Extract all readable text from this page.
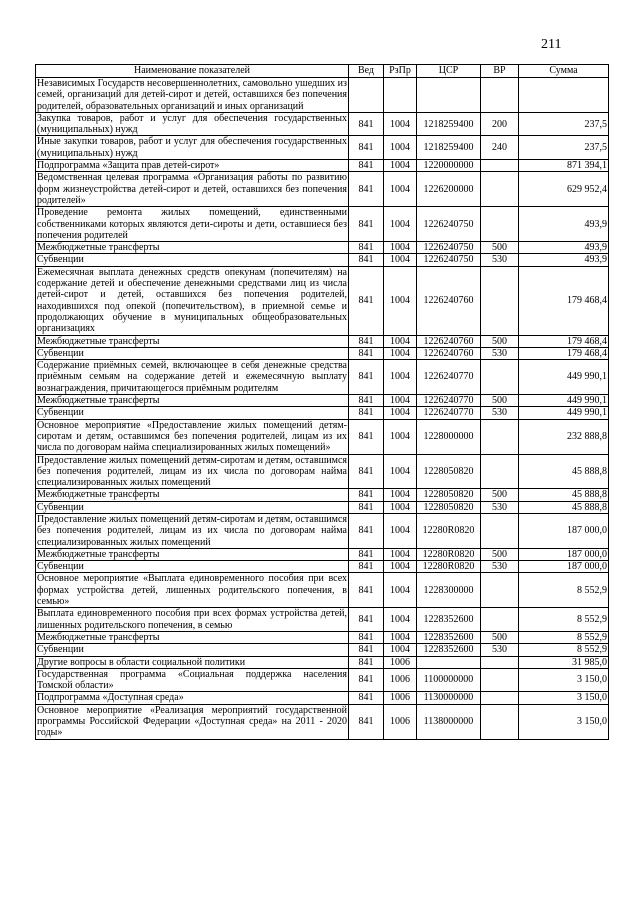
211
Наименование показателей	Вед	РзПр	ЦСР	ВР	Сумма
Независимых Государств несовершеннолетних, самовольно ушедших из семей, организаций для детей-сирот и детей, оставшихся без попечения родителей, образовательных организаций и иных организаций					
Закупка товаров, работ и услуг для обеспечения государственных (муниципальных) нужд	841	1004	1218259400	200	237,5
Иные закупки товаров, работ и услуг для обеспечения государственных (муниципальных) нужд	841	1004	1218259400	240	237,5
Подпрограмма «Защита прав детей-сирот»	841	1004	1220000000		871 394,1
Ведомственная целевая программа «Организация работы по развитию форм жизнеустройства детей-сирот и детей, оставшихся без попечения родителей»	841	1004	1226200000		629 952,4
Проведение ремонта жилых помещений, единственными собственниками которых являются дети-сироты и дети, оставшиеся без попечения родителей	841	1004	1226240750		493,9
Межбюджетные трансферты	841	1004	1226240750	500	493,9
Субвенции	841	1004	1226240750	530	493,9
Ежемесячная выплата денежных средств опекунам (попечителям) на содержание детей и обеспечение денежными средствами лиц из числа детей-сирот и детей, оставшихся без попечения родителей, находившихся под опекой (попечительством), в приемной семье и продолжающих обучение в муниципальных общеобразовательных организациях	841	1004	1226240760		179 468,4
Межбюджетные трансферты	841	1004	1226240760	500	179 468,4
Субвенции	841	1004	1226240760	530	179 468,4
Содержание приёмных семей, включающее в себя денежные средства приёмным семьям на содержание детей и ежемесячную выплату вознаграждения, причитающегося приёмным родителям	841	1004	1226240770		449 990,1
Межбюджетные трансферты	841	1004	1226240770	500	449 990,1
Субвенции	841	1004	1226240770	530	449 990,1
Основное мероприятие «Предоставление жилых помещений детям-сиротам и детям, оставшимся без попечения родителей, лицам из их числа по договорам найма специализированных жилых помещений»	841	1004	1228000000		232 888,8
Предоставление жилых помещений детям-сиротам и детям, оставшимся без попечения родителей, лицам из их числа по договорам найма специализированных жилых помещений	841	1004	1228050820		45 888,8
Межбюджетные трансферты	841	1004	1228050820	500	45 888,8
Субвенции	841	1004	1228050820	530	45 888,8
Предоставление жилых помещений детям-сиротам и детям, оставшимся без попечения родителей, лицам из их числа по договорам найма специализированных жилых помещений	841	1004	12280R0820		187 000,0
Межбюджетные трансферты	841	1004	12280R0820	500	187 000,0
Субвенции	841	1004	12280R0820	530	187 000,0
Основное мероприятие «Выплата единовременного пособия при всех формах устройства детей, лишенных родительского попечения, в семью»	841	1004	1228300000		8 552,9
Выплата единовременного пособия при всех формах устройства детей, лишенных родительского попечения, в семью	841	1004	1228352600		8 552,9
Межбюджетные трансферты	841	1004	1228352600	500	8 552,9
Субвенции	841	1004	1228352600	530	8 552,9
Другие вопросы в области социальной политики	841	1006			31 985,0
Государственная программа «Социальная поддержка населения Томской области»	841	1006	1100000000		3 150,0
Подпрограмма «Доступная среда»	841	1006	1130000000		3 150,0
Основное мероприятие «Реализация мероприятий государственной программы Российской Федерации «Доступная среда» на 2011 - 2020 годы»	841	1006	1138000000		3 150,0
